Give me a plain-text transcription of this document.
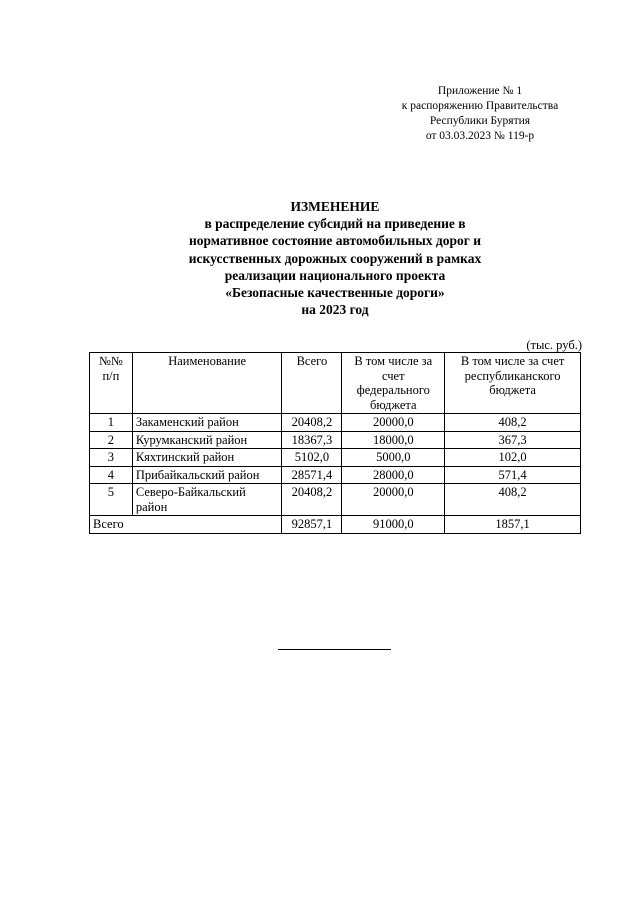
Приложение № 1
к распоряжению Правительства
Республики Бурятия
от 03.03.2023 № 119-р
ИЗМЕНЕНИЕ
в распределение субсидий на приведение в
нормативное состояние автомобильных дорог и
искусственных дорожных сооружений в рамках
реализации национального проекта
«Безопасные качественные дороги»
на 2023 год
(тыс. руб.)
№№ п/п	Наименование	Всего	В том числе за счет федерального бюджета	В том числе за счет республиканского бюджета
1	Закаменский район	20408,2	20000,0	408,2
2	Курумканский район	18367,3	18000,0	367,3
3	Кяхтинский район	5102,0	5000,0	102,0
4	Прибайкальский район	28571,4	28000,0	571,4
5	Северо-Байкальский район	20408,2	20000,0	408,2
Всего		92857,1	91000,0	1857,1
